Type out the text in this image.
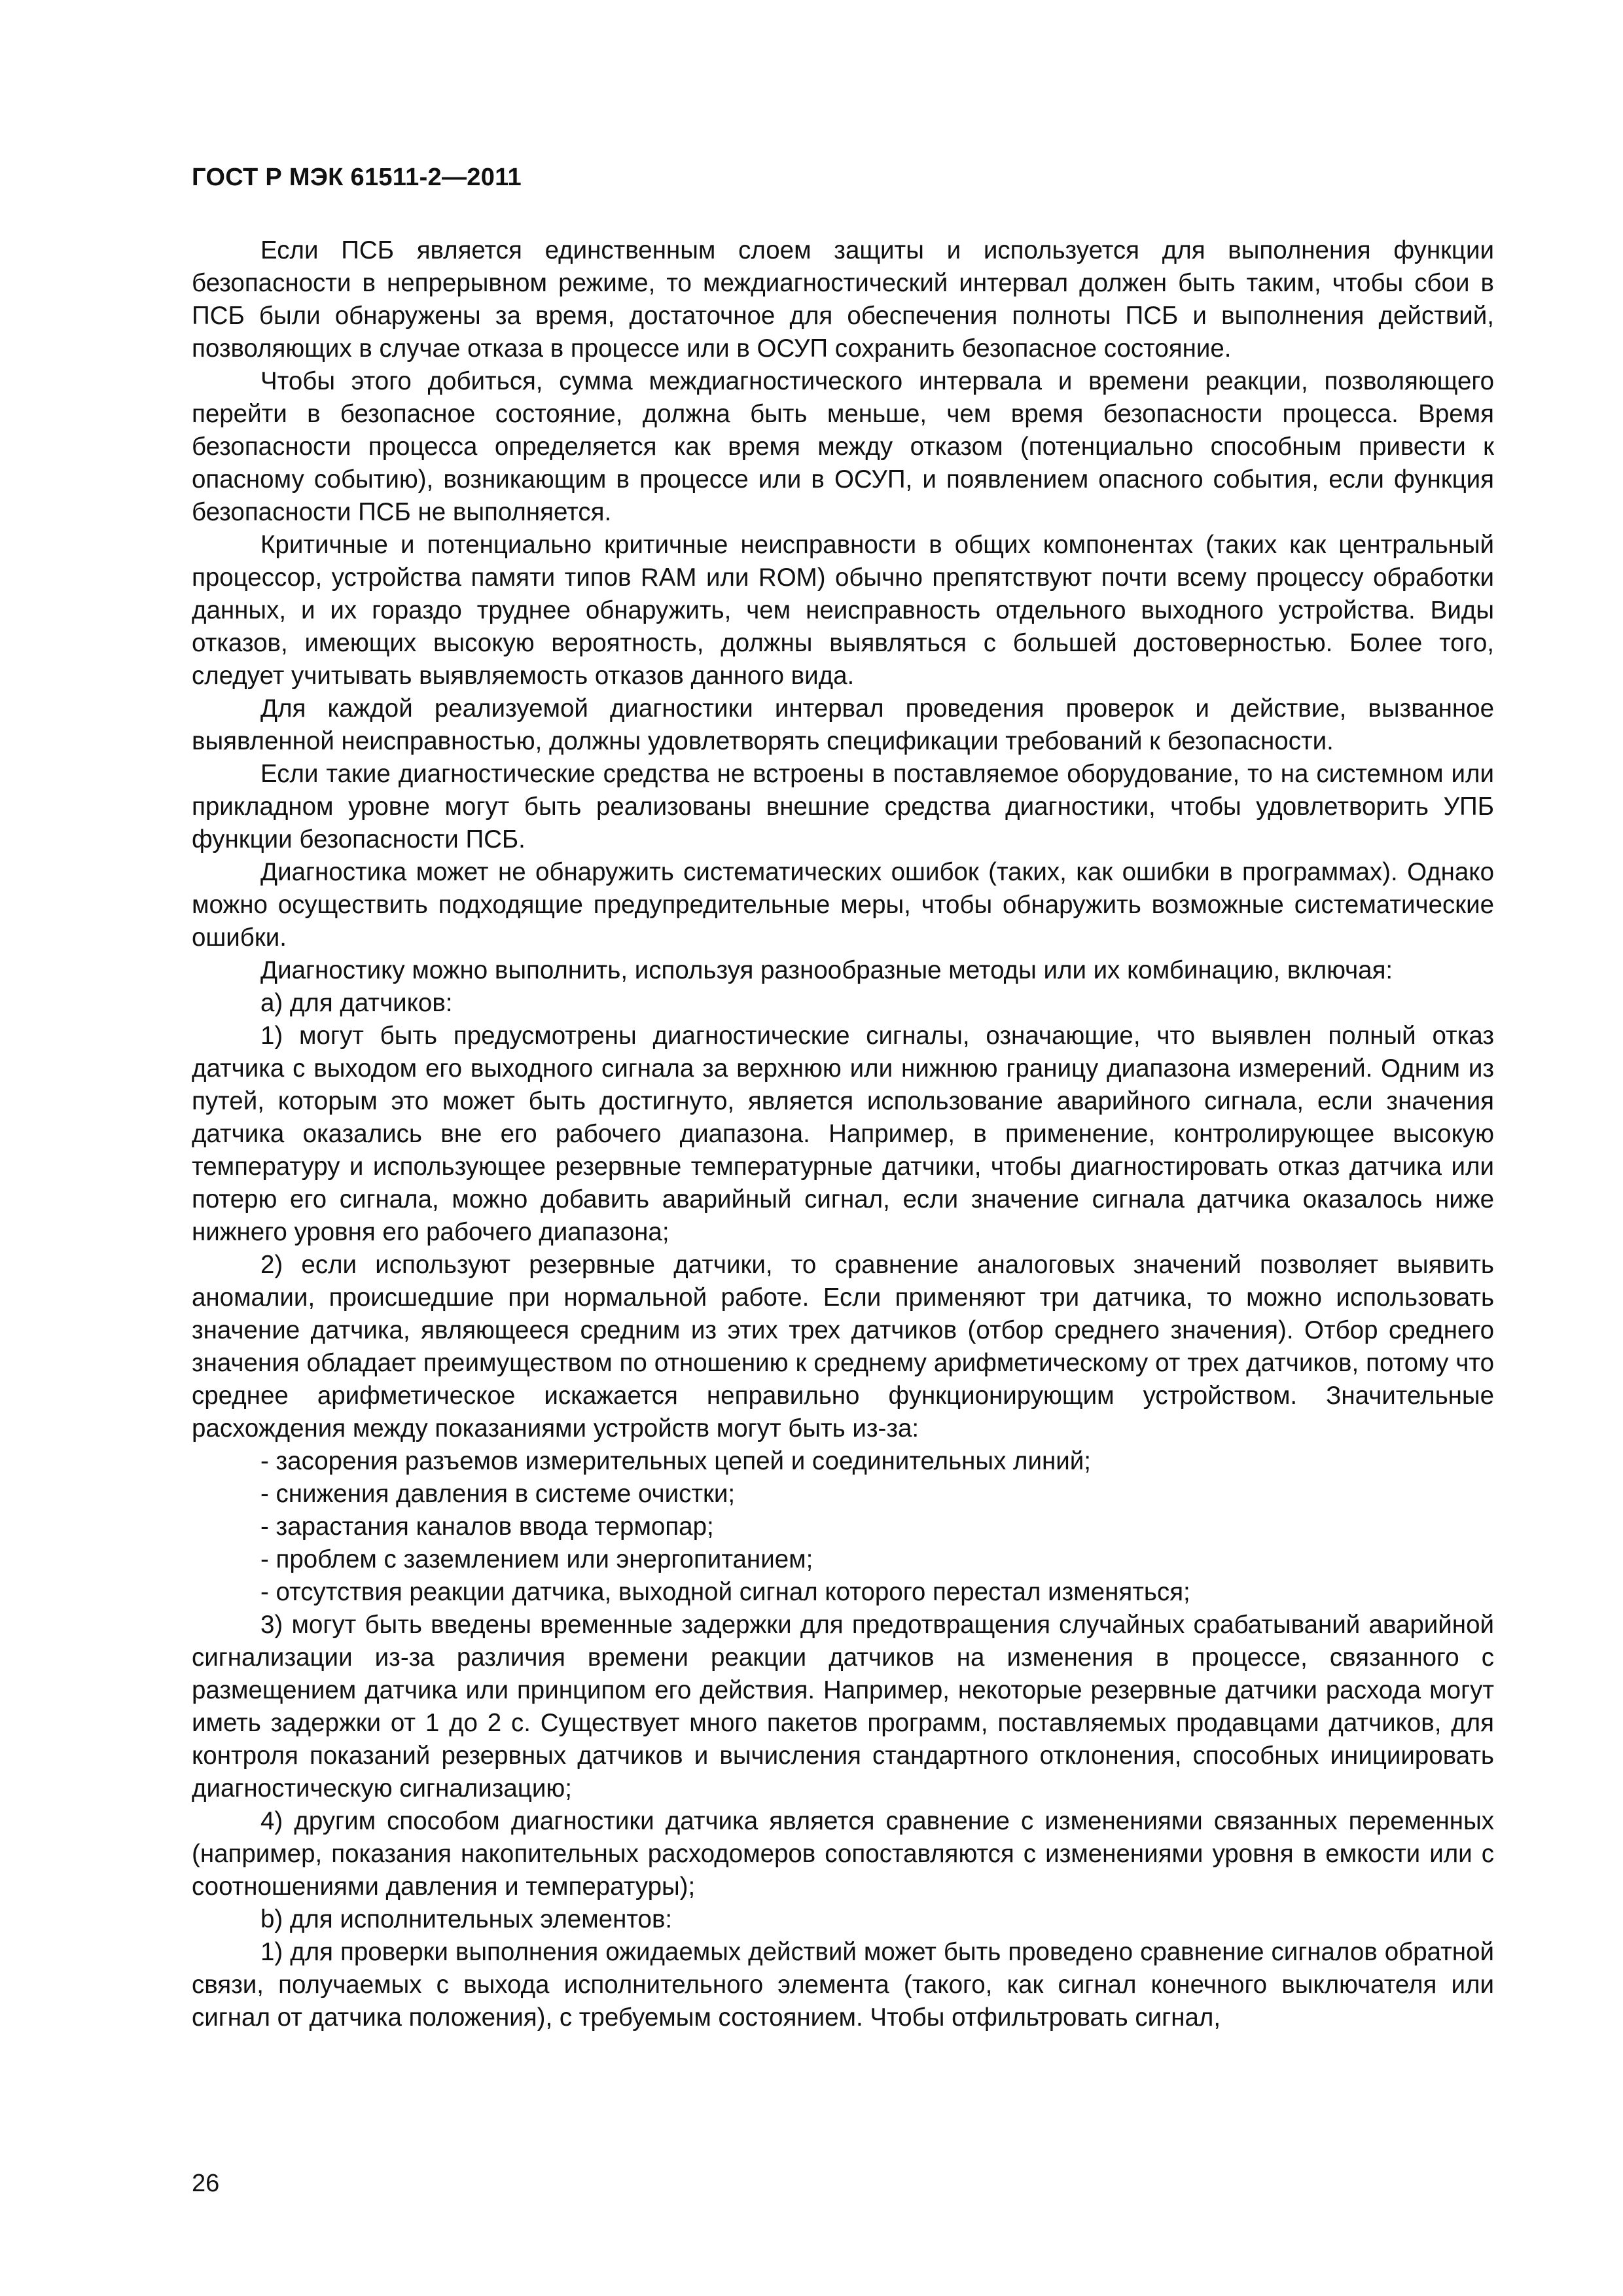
ГОСТ Р МЭК 61511-2—2011

Если ПСБ является единственным слоем защиты и используется для выполнения функции безопасности в непрерывном режиме, то междиагностический интервал должен быть таким, чтобы сбои в ПСБ были обнаружены за время, достаточное для обеспечения полноты ПСБ и выполнения действий, позволяющих в случае отказа в процессе или в ОСУП сохранить безопасное состояние.

Чтобы этого добиться, сумма междиагностического интервала и времени реакции, позволяющего перейти в безопасное состояние, должна быть меньше, чем время безопасности процесса. Время безопасности процесса определяется как время между отказом (потенциально способным привести к опасному событию), возникающим в процессе или в ОСУП, и появлением опасного события, если функция безопасности ПСБ не выполняется.

Критичные и потенциально критичные неисправности в общих компонентах (таких как центральный процессор, устройства памяти типов RAM или ROM) обычно препятствуют почти всему процессу обработки данных, и их гораздо труднее обнаружить, чем неисправность отдельного выходного устройства. Виды отказов, имеющих высокую вероятность, должны выявляться с большей достоверностью. Более того, следует учитывать выявляемость отказов данного вида.

Для каждой реализуемой диагностики интервал проведения проверок и действие, вызванное выявленной неисправностью, должны удовлетворять спецификации требований к безопасности.

Если такие диагностические средства не встроены в поставляемое оборудование, то на системном или прикладном уровне могут быть реализованы внешние средства диагностики, чтобы удовлетворить УПБ функции безопасности ПСБ.

Диагностика может не обнаружить систематических ошибок (таких, как ошибки в программах). Однако можно осуществить подходящие предупредительные меры, чтобы обнаружить возможные систематические ошибки.

Диагностику можно выполнить, используя разнообразные методы или их комбинацию, включая:

а) для датчиков:

1) могут быть предусмотрены диагностические сигналы, означающие, что выявлен полный отказ датчика с выходом его выходного сигнала за верхнюю или нижнюю границу диапазона измерений. Одним из путей, которым это может быть достигнуто, является использование аварийного сигнала, если значения датчика оказались вне его рабочего диапазона. Например, в применение, контролирующее высокую температуру и использующее резервные температурные датчики, чтобы диагностировать отказ датчика или потерю его сигнала, можно добавить аварийный сигнал, если значение сигнала датчика оказалось ниже нижнего уровня его рабочего диапазона;

2) если используют резервные датчики, то сравнение аналоговых значений позволяет выявить аномалии, происшедшие при нормальной работе. Если применяют три датчика, то можно использовать значение датчика, являющееся средним из этих трех датчиков (отбор среднего значения). Отбор среднего значения обладает преимуществом по отношению к среднему арифметическому от трех датчиков, потому что среднее арифметическое искажается неправильно функционирующим устройством. Значительные расхождения между показаниями устройств могут быть из-за:

- засорения разъемов измерительных цепей и соединительных линий;

- снижения давления в системе очистки;

- зарастания каналов ввода термопар;

- проблем с заземлением или энергопитанием;

- отсутствия реакции датчика, выходной сигнал которого перестал изменяться;

3) могут быть введены временные задержки для предотвращения случайных срабатываний аварийной сигнализации из-за различия времени реакции датчиков на изменения в процессе, связанного с размещением датчика или принципом его действия. Например, некоторые резервные датчики расхода могут иметь задержки от 1 до 2 с. Существует много пакетов программ, поставляемых продавцами датчиков, для контроля показаний резервных датчиков и вычисления стандартного отклонения, способных инициировать диагностическую сигнализацию;

4) другим способом диагностики датчика является сравнение с изменениями связанных переменных (например, показания накопительных расходомеров сопоставляются с изменениями уровня в емкости или с соотношениями давления и температуры);

b) для исполнительных элементов:

1) для проверки выполнения ожидаемых действий может быть проведено сравнение сигналов обратной связи, получаемых с выхода исполнительного элемента (такого, как сигнал конечного выключателя или сигнал от датчика положения), с требуемым состоянием. Чтобы отфильтровать сигнал,

26
